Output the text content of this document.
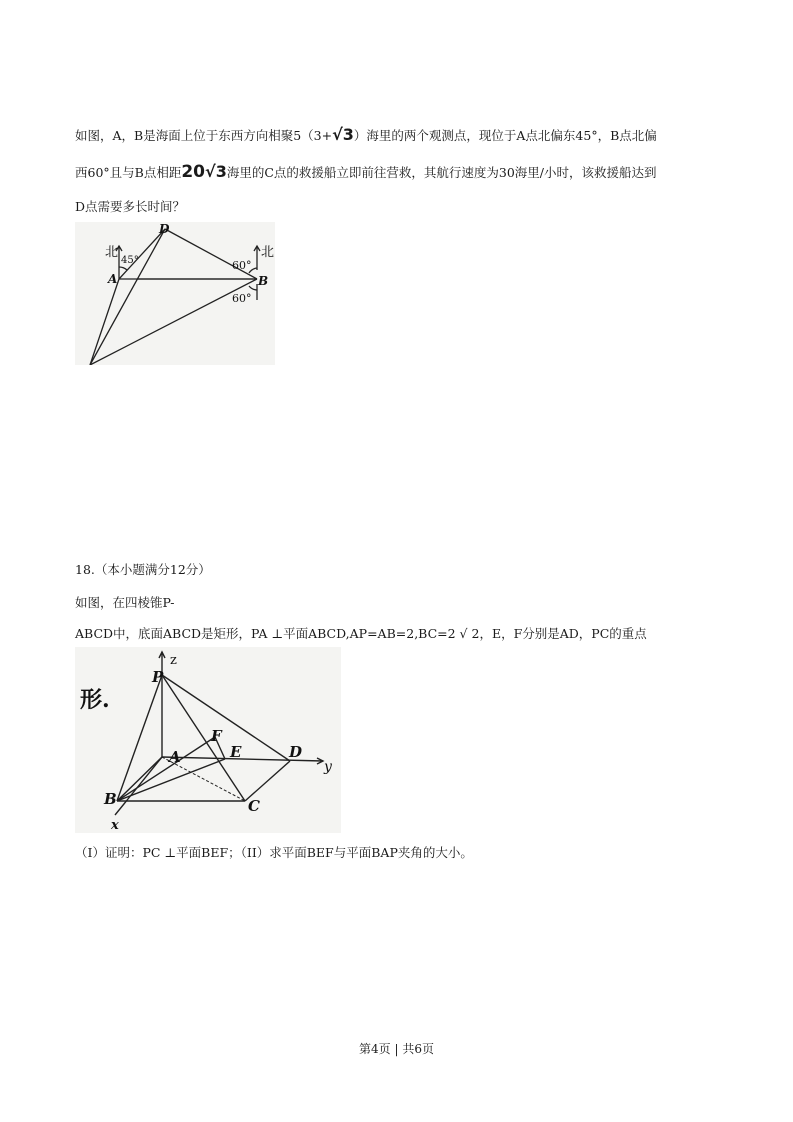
如图，A，B是海面上位于东西方向相聚5（3+√3）海里的两个观测点，现位于A点北偏东45°，B点北偏
西60°且与B点相距20√3海里的C点的救援船立即前往营救，其航行速度为30海里/小时，该救援船达到
D点需要多长时间？
北	北
45°	60°
60°
A	B
D
18.（本小题满分12分）
如图，在四棱锥P-
ABCD中，底面ABCD是矩形，PA ⊥平面ABCD,AP=AB=2,BC=2 √ 2，E，F分别是AD，PC的重点
形.
z
y
x
P
A
B	C
D
E
F
（I）证明：PC ⊥平面BEF；（II）求平面BEF与平面BAP夹角的大小。
第4页 | 共6页
